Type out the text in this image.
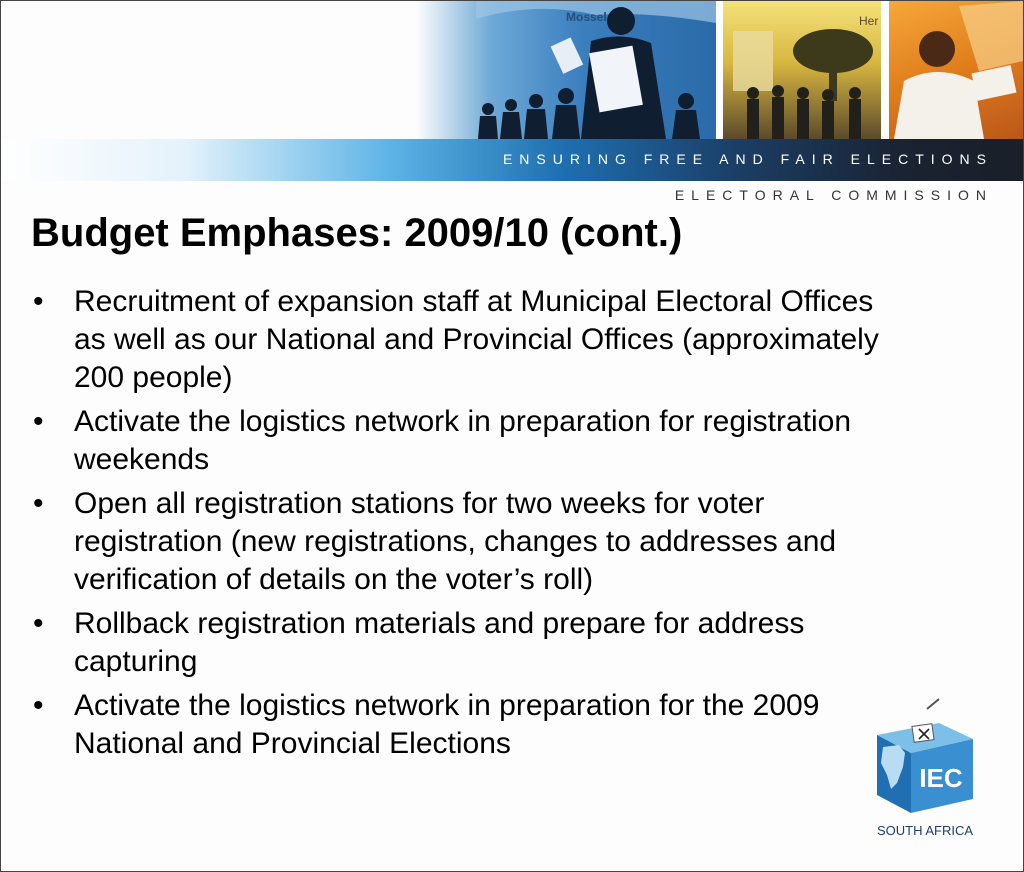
Mossel	Her
ENSURING FREE AND FAIR ELECTIONS
ELECTORAL COMMISSION
Budget Emphases: 2009/10 (cont.)
• Recruitment of expansion staff at Municipal Electoral Offices as well as our National and Provincial Offices (approximately 200 people)
• Activate the logistics network in preparation for registration weekends
• Open all registration stations for two weeks for voter registration (new registrations, changes to addresses and verification of details on the voter’s roll)
• Rollback registration materials and prepare for address capturing
• Activate the logistics network in preparation for the 2009 National and Provincial Elections
IEC
SOUTH AFRICA
